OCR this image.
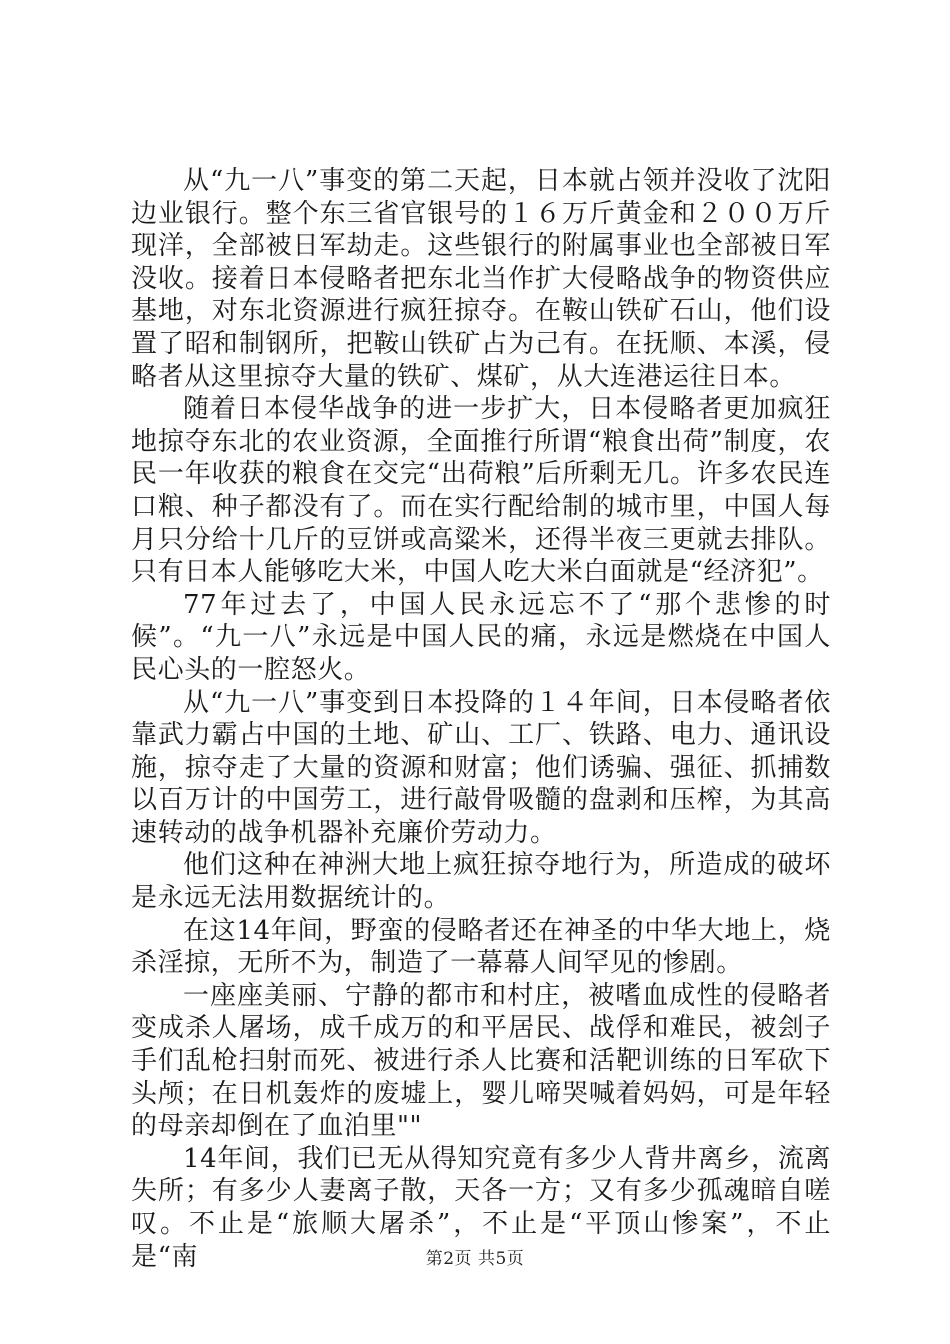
从“九一八”事变的第二天起，日本就占领并没收了沈阳边业银行。整个东三省官银号的１６万斤黄金和２００万斤现洋，全部被日军劫走。这些银行的附属事业也全部被日军没收。接着日本侵略者把东北当作扩大侵略战争的物资供应基地，对东北资源进行疯狂掠夺。在鞍山铁矿石山，他们设置了昭和制钢所，把鞍山铁矿占为己有。在抚顺、本溪，侵略者从这里掠夺大量的铁矿、煤矿，从大连港运往日本。

随着日本侵华战争的进一步扩大，日本侵略者更加疯狂地掠夺东北的农业资源，全面推行所谓“粮食出荷”制度，农民一年收获的粮食在交完“出荷粮”后所剩无几。许多农民连口粮、种子都没有了。而在实行配给制的城市里，中国人每月只分给十几斤的豆饼或高粱米，还得半夜三更就去排队。只有日本人能够吃大米，中国人吃大米白面就是“经济犯”。

77年过去了，中国人民永远忘不了“那个悲惨的时候”。“九一八”永远是中国人民的痛，永远是燃烧在中国人民心头的一腔怒火。

从“九一八”事变到日本投降的１４年间，日本侵略者依靠武力霸占中国的土地、矿山、工厂、铁路、电力、通讯设施，掠夺走了大量的资源和财富；他们诱骗、强征、抓捕数以百万计的中国劳工，进行敲骨吸髓的盘剥和压榨，为其高速转动的战争机器补充廉价劳动力。

他们这种在神洲大地上疯狂掠夺地行为，所造成的破坏是永远无法用数据统计的。

在这14年间，野蛮的侵略者还在神圣的中华大地上，烧杀淫掠，无所不为，制造了一幕幕人间罕见的惨剧。

一座座美丽、宁静的都市和村庄，被嗜血成性的侵略者变成杀人屠场，成千成万的和平居民、战俘和难民，被刽子手们乱枪扫射而死、被进行杀人比赛和活靶训练的日军砍下头颅；在日机轰炸的废墟上，婴儿啼哭喊着妈妈，可是年轻的母亲却倒在了血泊里""

14年间，我们已无从得知究竟有多少人背井离乡，流离失所；有多少人妻离子散，天各一方；又有多少孤魂暗自嗟叹。不止是“旅顺大屠杀”，不止是“平顶山惨案”，不止是“南	第2页 共5页
